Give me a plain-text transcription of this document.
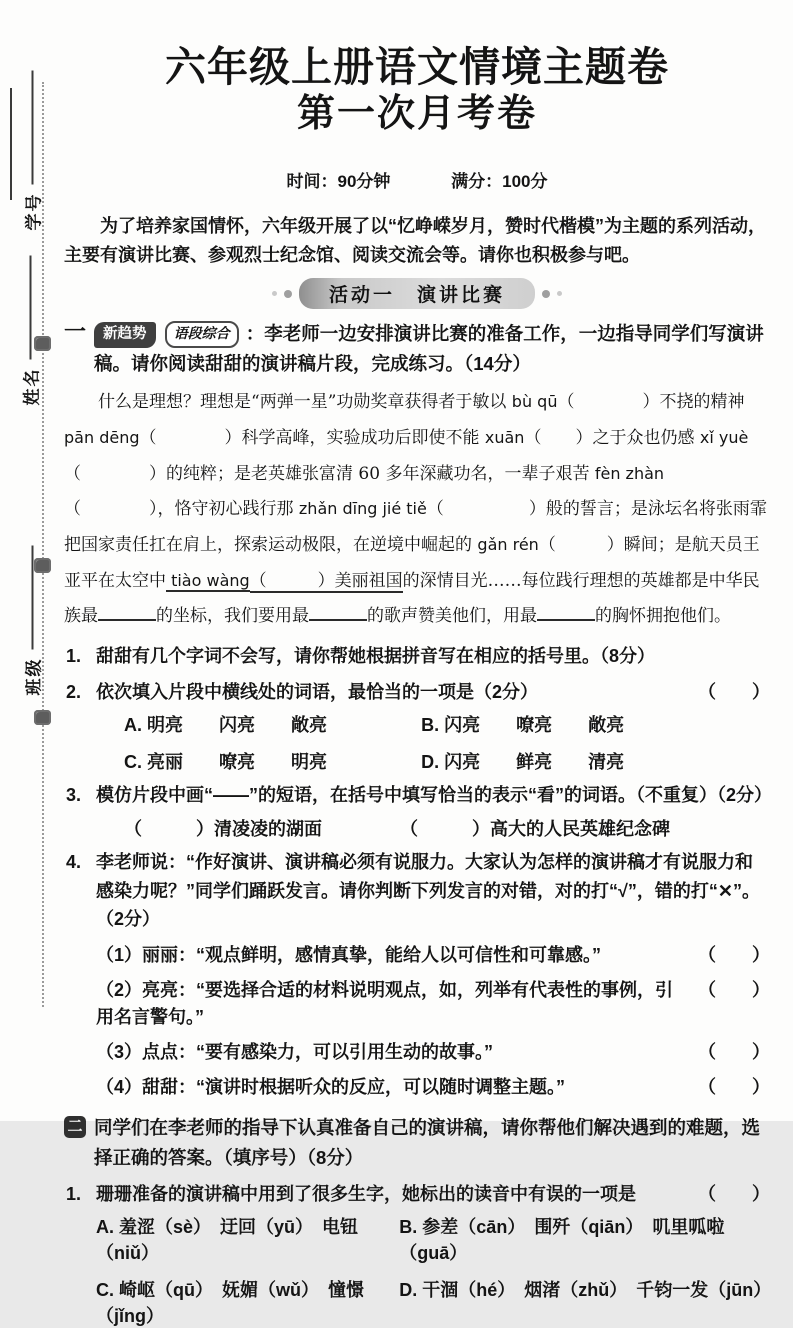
学号
姓名
班级
六年级上册语文情境主题卷
第一次月考卷
时间：90分钟	满分：100分

为了培养家国情怀，六年级开展了以“忆峥嵘岁月，赞时代楷模”为主题的系列活动，主要有演讲比赛、参观烈士纪念馆、阅读交流会等。请你也积极参与吧。

活动一　演讲比赛
一	新趋势 语段综合 ：李老师一边安排演讲比赛的准备工作，一边指导同学们写演讲稿。请你阅读甜甜的演讲稿片段，完成练习。（14分）

什么是理想？理想是“两弹一星”功勋奖章获得者于敏以 bù qū（　　　　）不挠的精神 pān dēng（　　　　）科学高峰，实验成功后即使不能 xuān（　　）之于众也仍感 xǐ yuè（　　　　）的纯粹；是老英雄张富清 60 多年深藏功名，一辈子艰苦 fèn zhàn（　　　　），恪守初心践行那 zhǎn dīng jié tiě（　　　　　）般的誓言；是泳坛名将张雨霏把国家责任扛在肩上，探索运动极限，在逆境中崛起的 gǎn rén（　　　）瞬间；是航天员王亚平在太空中 tiào wàng（　　　）美丽祖国的深情目光……每位践行理想的英雄都是中华民族最	的坐标，我们要用最	的歌声赞美他们，用最	的胸怀拥抱他们。

1. 甜甜有几个字词不会写，请你帮她根据拼音写在相应的括号里。（8分）
2. 依次填入片段中横线处的词语，最恰当的一项是（2分）	（　　）
A. 明亮　　闪亮　　敞亮	B. 闪亮　　嘹亮　　敞亮
C. 亮丽　　嘹亮　　明亮	D. 闪亮　　鲜亮　　清亮
3. 模仿片段中画“——”的短语，在括号中填写恰当的表示“看”的词语。（不重复）（2分）
（　　　）清凌凌的湖面	（　　　）高大的人民英雄纪念碑
4. 李老师说：“作好演讲、演讲稿必须有说服力。大家认为怎样的演讲稿才有说服力和感染力呢？”同学们踊跃发言。请你判断下列发言的对错，对的打“√”，错的打“✕”。（2分）
（1）丽丽：“观点鲜明，感情真挚，能给人以可信性和可靠感。”	（　　）
（2）亮亮：“要选择合适的材料说明观点，如，列举有代表性的事例，引用名言警句。”
（　　）
（3）点点：“要有感染力，可以引用生动的故事。”	（　　）
（4）甜甜：“演讲时根据听众的反应，可以随时调整主题。”	（　　）
二 同学们在李老师的指导下认真准备自己的演讲稿，请你帮他们解决遇到的难题，选择正确的答案。（填序号）（8分）
1. 珊珊准备的演讲稿中用到了很多生字，她标出的读音中有误的一项是	（　　）
A. 羞涩（sè）　迂回（yū）　电钮（niǔ）
B. 参差（cān）　围歼（qiān）　叽里呱啦（guā）
C. 崎岖（qū）　妩媚（wǔ）　憧憬（jǐng）
D. 干涸（hé）　烟渚（zhǔ）　千钧一发（jūn）
